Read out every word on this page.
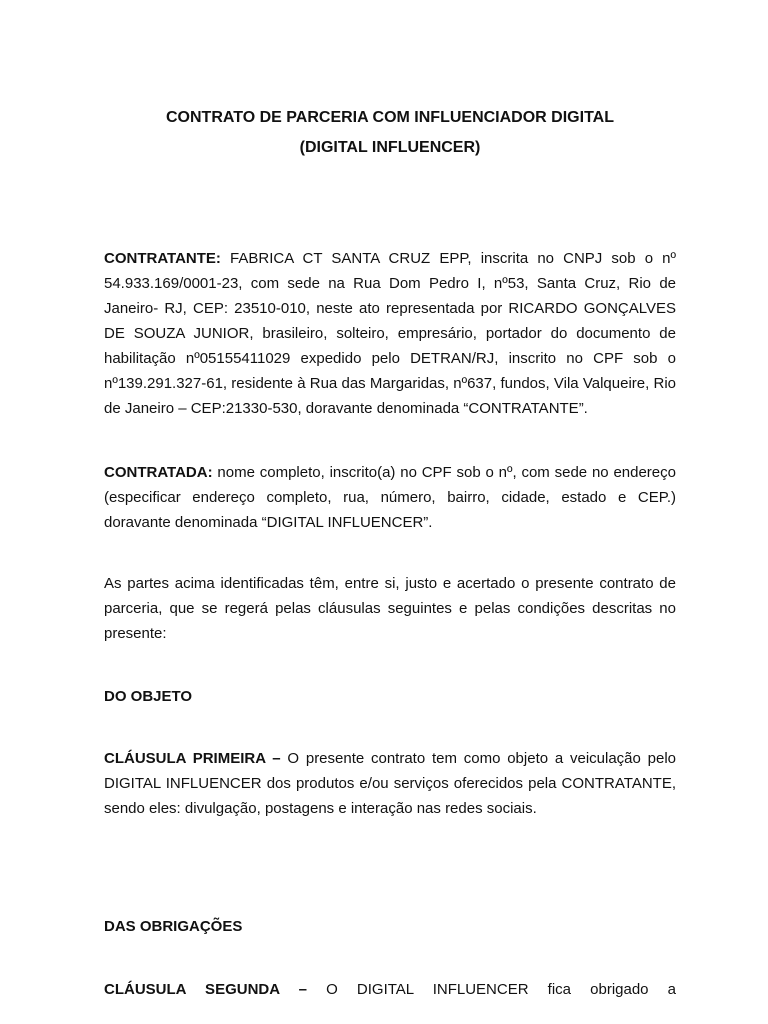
CONTRATO DE PARCERIA COM INFLUENCIADOR DIGITAL
(DIGITAL INFLUENCER)

CONTRATANTE: FABRICA CT SANTA CRUZ EPP, inscrita no CNPJ sob o nº 54.933.169/0001-23, com sede na Rua Dom Pedro I, nº53, Santa Cruz, Rio de Janeiro- RJ, CEP: 23510-010, neste ato representada por RICARDO GONÇALVES DE SOUZA JUNIOR, brasileiro, solteiro, empresário, portador do documento de habilitação nº05155411029 expedido pelo DETRAN/RJ, inscrito no CPF sob o nº139.291.327-61, residente à Rua das Margaridas, nº637, fundos, Vila Valqueire, Rio de Janeiro – CEP:21330-530, doravante denominada “CONTRATANTE”.

CONTRATADA: nome completo, inscrito(a) no CPF sob o nº, com sede no endereço (especificar endereço completo, rua, número, bairro, cidade, estado e CEP.) doravante denominada “DIGITAL INFLUENCER”.

As partes acima identificadas têm, entre si, justo e acertado o presente contrato de parceria, que se regerá pelas cláusulas seguintes e pelas condições descritas no presente:

DO OBJETO

CLÁUSULA PRIMEIRA – O presente contrato tem como objeto a veiculação pelo DIGITAL INFLUENCER dos produtos e/ou serviços oferecidos pela CONTRATANTE, sendo eles: divulgação, postagens e interação nas redes sociais.

DAS OBRIGAÇÕES

CLÁUSULA SEGUNDA – O DIGITAL INFLUENCER fica obrigado a
